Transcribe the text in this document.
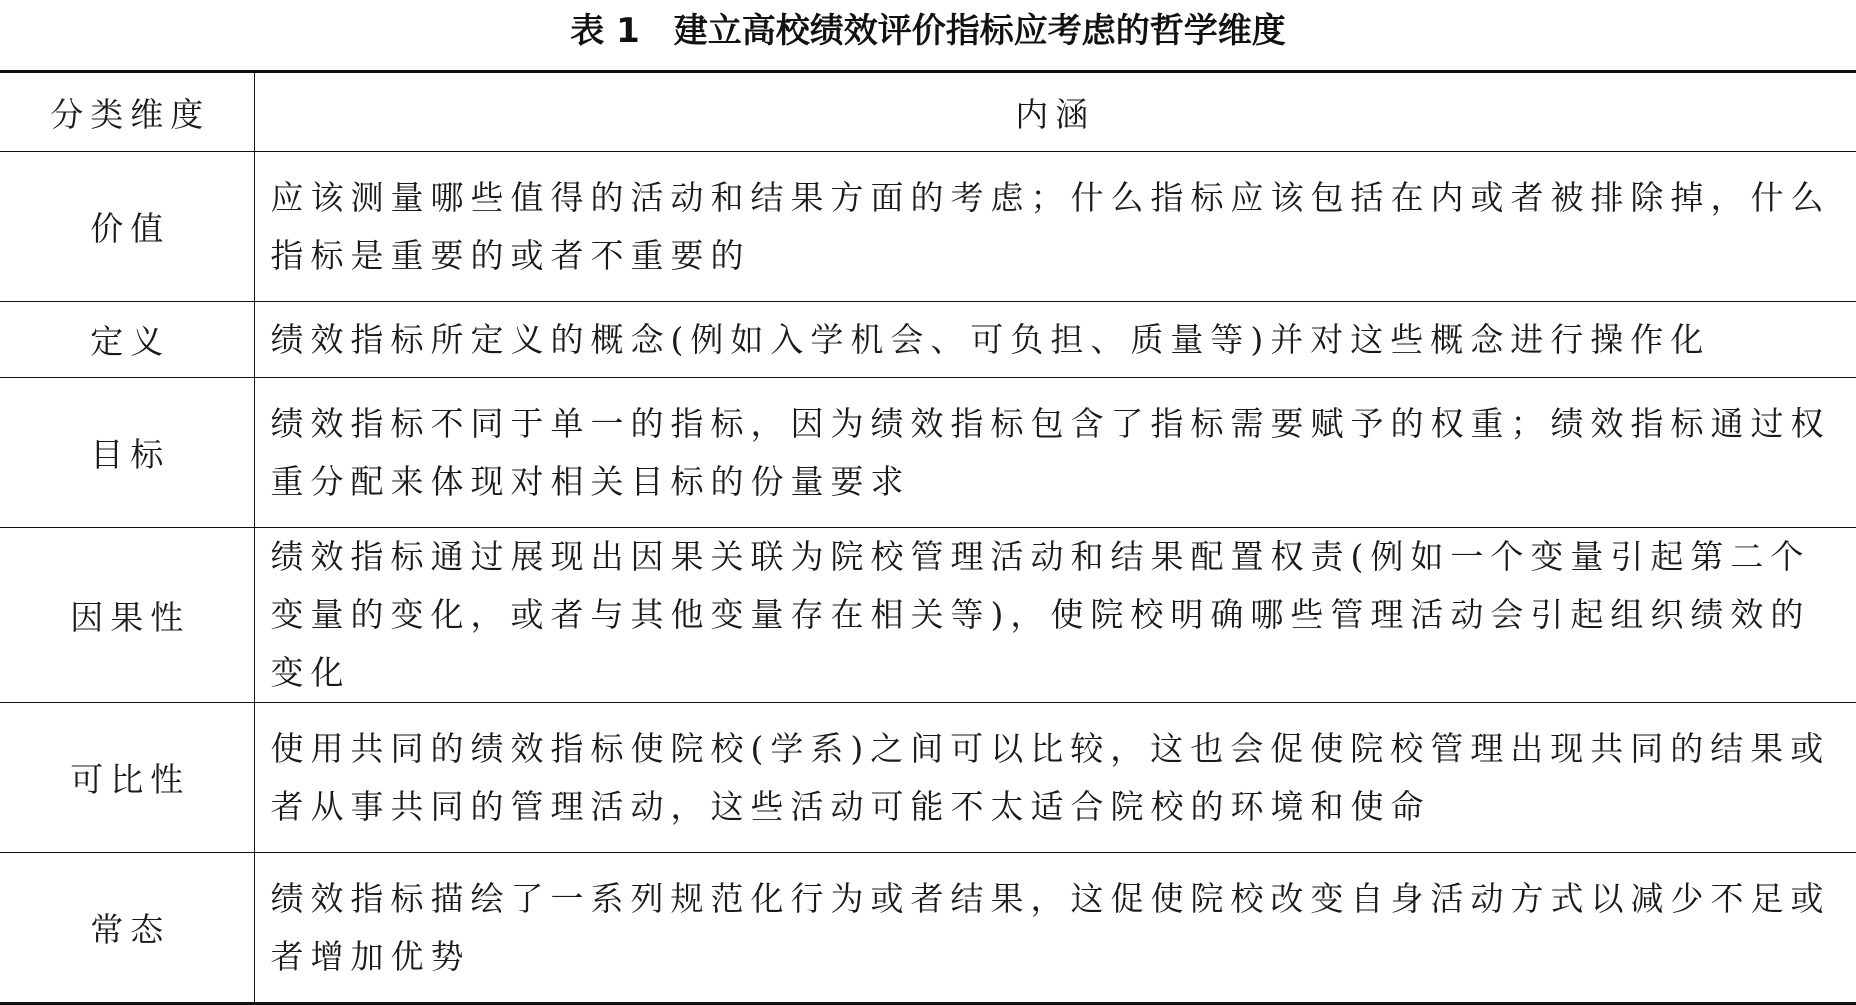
表 1 建立高校绩效评价指标应考虑的哲学维度
分类维度	内涵
价值	应该测量哪些值得的活动和结果方面的考虑；什么指标应该包括在内或者被排除掉，什么指标是重要的或者不重要的
定义	绩效指标所定义的概念(例如入学机会、可负担、质量等)并对这些概念进行操作化
目标	绩效指标不同于单一的指标，因为绩效指标包含了指标需要赋予的权重；绩效指标通过权重分配来体现对相关目标的份量要求
因果性	绩效指标通过展现出因果关联为院校管理活动和结果配置权责(例如一个变量引起第二个变量的变化，或者与其他变量存在相关等)，使院校明确哪些管理活动会引起组织绩效的变化
可比性	使用共同的绩效指标使院校(学系)之间可以比较，这也会促使院校管理出现共同的结果或者从事共同的管理活动，这些活动可能不太适合院校的环境和使命
常态	绩效指标描绘了一系列规范化行为或者结果，这促使院校改变自身活动方式以减少不足或者增加优势
